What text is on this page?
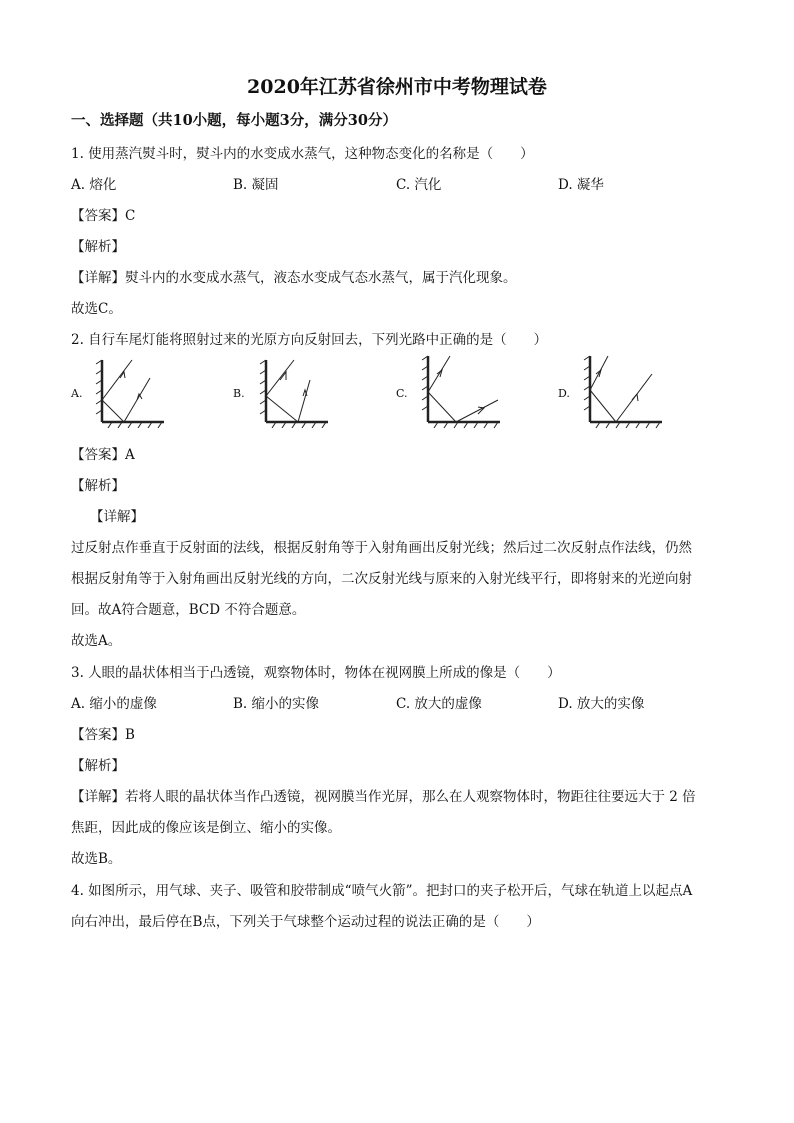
2020年江苏省徐州市中考物理试卷
一、选择题（共10小题，每小题3分，满分30分）
1. 使用蒸汽熨斗时，熨斗内的水变成水蒸气，这种物态变化的名称是（　　）
A. 熔化	B. 凝固	C. 汽化	D. 凝华
【答案】C
【解析】
【详解】熨斗内的水变成水蒸气，液态水变成气态水蒸气，属于汽化现象。
故选C。
2. 自行车尾灯能将照射过来的光原方向反射回去，下列光路中正确的是（　　）
A.	B.	C.	D.
【答案】A
【解析】
【详解】
过反射点作垂直于反射面的法线，根据反射角等于入射角画出反射光线；然后过二次反射点作法线，仍然
根据反射角等于入射角画出反射光线的方向，二次反射光线与原来的入射光线平行，即将射来的光逆向射
回。故A符合题意，BCD 不符合题意。
故选A。
3. 人眼的晶状体相当于凸透镜，观察物体时，物体在视网膜上所成的像是（　　）
A. 缩小的虚像	B. 缩小的实像	C. 放大的虚像	D. 放大的实像
【答案】B
【解析】
【详解】若将人眼的晶状体当作凸透镜，视网膜当作光屏，那么在人观察物体时，物距往往要远大于 2 倍
焦距，因此成的像应该是倒立、缩小的实像。
故选B。
4. 如图所示，用气球、夹子、吸管和胶带制成“喷气火箭”。把封口的夹子松开后，气球在轨道上以起点A
向右冲出，最后停在B点，下列关于气球整个运动过程的说法正确的是（　　）
